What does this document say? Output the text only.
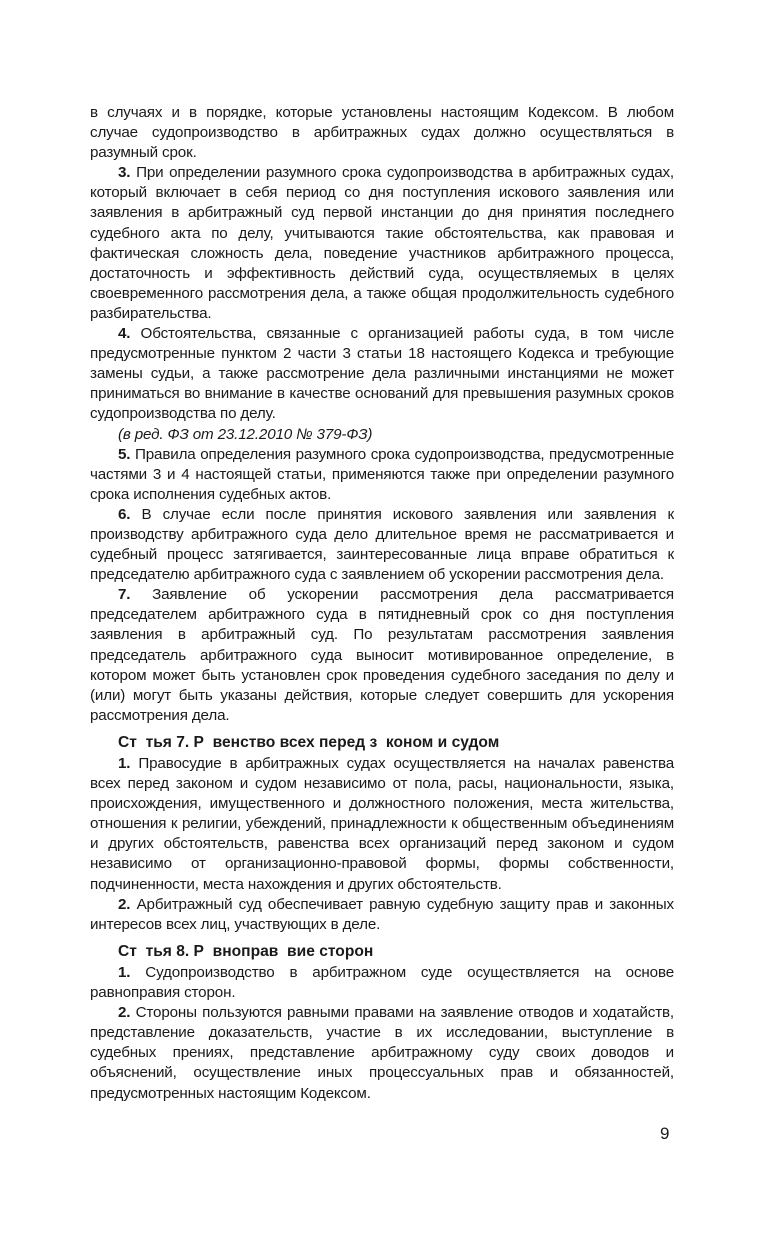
в случаях и в порядке, которые установлены настоящим Кодексом. В любом случае судопроизводство в арбитражных судах должно осуществляться в разумный срок.

3. При определении разумного срока судопроизводства в арбитражных судах, который включает в себя период со дня поступления искового заявления или заявления в арбитражный суд первой инстанции до дня принятия последнего судебного акта по делу, учитываются такие обстоятельства, как правовая и фактическая сложность дела, поведение участников арбитражного процесса, достаточность и эффективность действий суда, осуществляемых в целях своевременного рассмотрения дела, а также общая продолжительность судебного разбирательства.

4. Обстоятельства, связанные с организацией работы суда, в том числе предусмотренные пунктом 2 части 3 статьи 18 настоящего Кодекса и требующие замены судьи, а также рассмотрение дела различными инстанциями не может приниматься во внимание в качестве оснований для превышения разумных сроков судопроизводства по делу.

(в ред. ФЗ от 23.12.2010 № 379-ФЗ)

5. Правила определения разумного срока судопроизводства, предусмотренные частями 3 и 4 настоящей статьи, применяются также при определении разумного срока исполнения судебных актов.

6. В случае если после принятия искового заявления или заявления к производству арбитражного суда дело длительное время не рассматривается и судебный процесс затягивается, заинтересованные лица вправе обратиться к председателю арбитражного суда с заявлением об ускорении рассмотрения дела.

7. Заявление об ускорении рассмотрения дела рассматривается председателем арбитражного суда в пятидневный срок со дня поступления заявления в арбитражный суд. По результатам рассмотрения заявления председатель арбитражного суда выносит мотивированное определение, в котором может быть установлен срок проведения судебного заседания по делу и (или) могут быть указаны действия, которые следует совершить для ускорения рассмотрения дела.

Ст  тья 7. Р  венство всех перед з  коном и судом

1. Правосудие в арбитражных судах осуществляется на началах равенства всех перед законом и судом независимо от пола, расы, национальности, языка, происхождения, имущественного и должностного положения, места жительства, отношения к религии, убеждений, принадлежности к общественным объединениям и других обстоятельств, равенства всех организаций перед законом и судом независимо от организационно-правовой формы, формы собственности, подчиненности, места нахождения и других обстоятельств.

2. Арбитражный суд обеспечивает равную судебную защиту прав и законных интересов всех лиц, участвующих в деле.

Ст  тья 8. Р  вноправ  вие сторон

1. Судопроизводство в арбитражном суде осуществляется на основе равноправия сторон.

2. Стороны пользуются равными правами на заявление отводов и ходатайств, представление доказательств, участие в их исследовании, выступление в судебных прениях, представление арбитражному суду своих доводов и объяснений, осуществление иных процессуальных прав и обязанностей, предусмотренных настоящим Кодексом.

9
